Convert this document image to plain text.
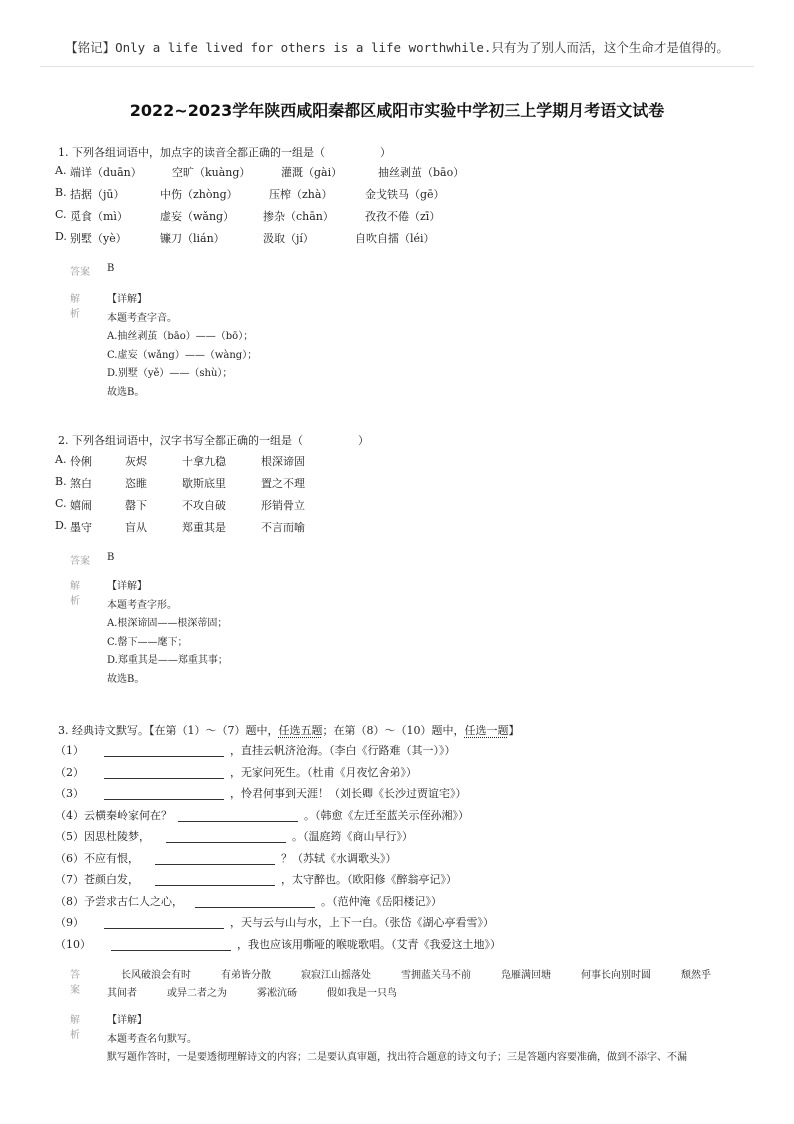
【铭记】Only a life lived for others is a life worthwhile.只有为了别人而活，这个生命才是值得的。
2022~2023学年陕西咸阳秦都区咸阳市实验中学初三上学期月考语文试卷
1. 下列各组词语中，加点字的读音全都正确的一组是（　　　　　）
A. 端详（duān）	空旷（kuàng）	灌溉（gài）	抽丝剥茧（bāo）
B. 拮据（jū）	中伤（zhòng）	压榨（zhà）	金戈铁马（gē）
C. 觅食（mì）	虚妄（wǎng）	掺杂（chān）	孜孜不倦（zī）
D. 别墅（yè）	镰刀（lián）	汲取（jí）	自吹自擂（léi）
答案	B
解析
【详解】
本题考查字音。
A.抽丝剥茧（bāo）——（bō）；
C.虚妄（wǎng）——（wàng）；
D.别墅（yě）——（shù）；
故选B。
2. 下列各组词语中，汉字书写全都正确的一组是（　　　　　）
A. 伶俐	灰烬	十拿九稳	根深谛固
B. 煞白	恣睢	歇斯底里	置之不理
C. 嬉闹	罄下	不攻自破	形销骨立
D. 墨守	盲从	郑重其是	不言而喻
答案	B
解析
【详解】
本题考查字形。
A.根深谛固——根深蒂固；
C.罄下——麾下；
D.郑重其是——郑重其事；
故选B。
3. 经典诗文默写。【在第（1）～（7）题中，任选五题；在第（8）～（10）题中，任选一题】
（1）	，直挂云帆济沧海。（李白《行路难（其一）》）
（2）	，无家问死生。（杜甫《月夜忆舍弟》）
（3）	，怜君何事到天涯！（刘长卿《长沙过贾谊宅》）
（4）云横秦岭家何在？	。（韩愈《左迁至蓝关示侄孙湘》）
（5）因思杜陵梦，	。（温庭筠《商山早行》）
（6）不应有恨，	？（苏轼《水调歌头》）
（7）苍颜白发，	，太守醉也。（欧阳修《醉翁亭记》）
（8）予尝求古仁人之心，	。（范仲淹《岳阳楼记》）
（9）	，天与云与山与水，上下一白。（张岱《湖心亭看雪》）
（10）	，我也应该用嘶哑的喉咙歌唱。（艾青《我爱这土地》）
答案
长风破浪会有时	有弟皆分散	寂寂江山摇落处	雪拥蓝关马不前	凫雁满回塘	何事长向别时圆	颓然乎
其间者	或异二者之为	雾凇沆砀	假如我是一只鸟
解析
【详解】
本题考查名句默写。
默写题作答时，一是要透彻理解诗文的内容；二是要认真审题，找出符合题意的诗文句子；三是答题内容要准确，做到不添字、不漏
